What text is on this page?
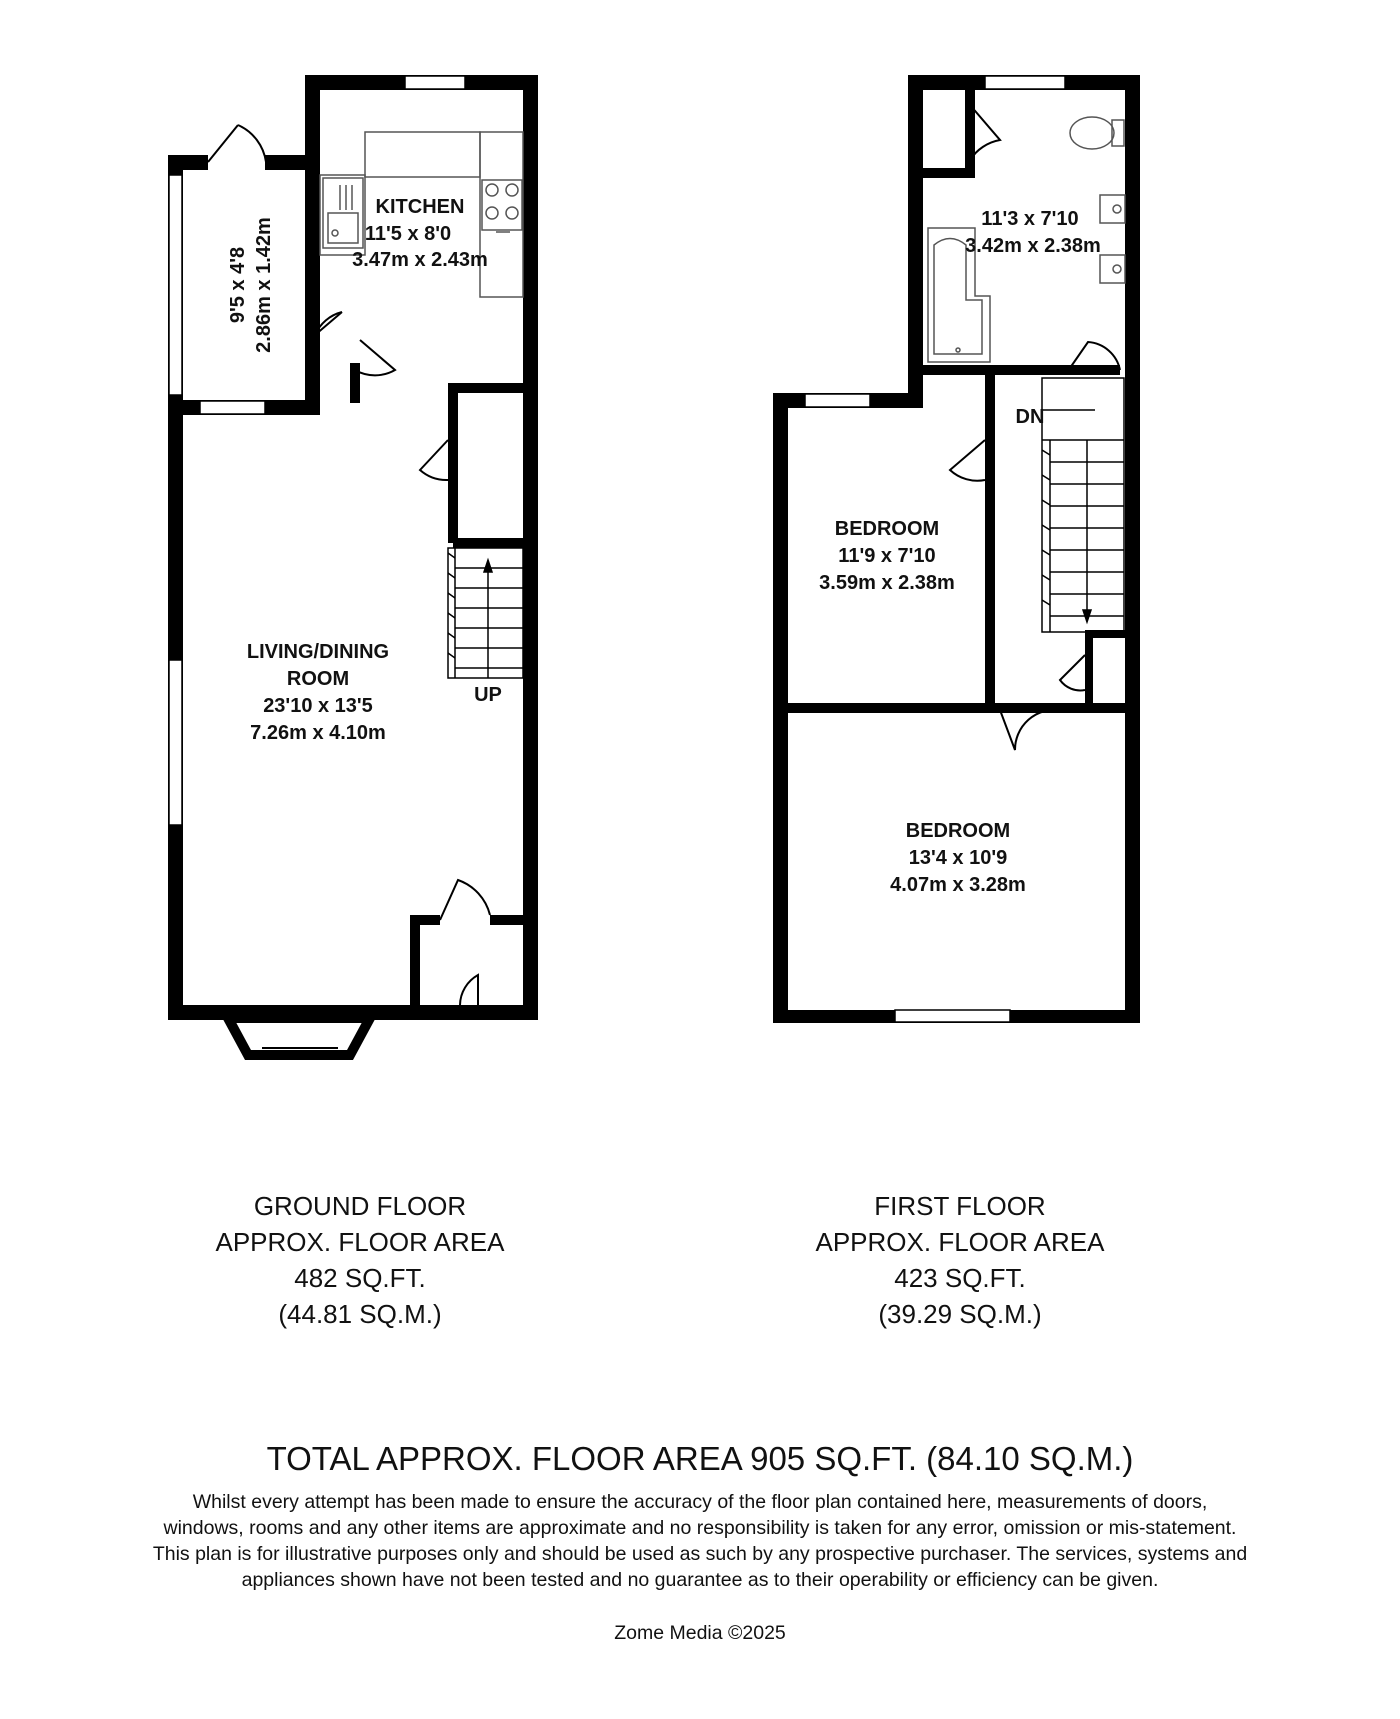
KITCHEN
11'5 x 8'0
3.47m x 2.43m
9'5 x 4'8 2.86m x 1.42m
LIVING/DINING
ROOM
23'10 x 13'5
7.26m x 4.10m
UP
11'3 x 7'10
3.42m x 2.38m
DN
BEDROOM
11'9 x 7'10
3.59m x 2.38m
BEDROOM
13'4 x 10'9
4.07m x 3.28m
GROUND FLOOR
APPROX. FLOOR AREA
482 SQ.FT.
(44.81 SQ.M.)
FIRST FLOOR
APPROX. FLOOR AREA
423 SQ.FT.
(39.29 SQ.M.)
TOTAL APPROX. FLOOR AREA 905 SQ.FT. (84.10 SQ.M.)
Whilst every attempt has been made to ensure the accuracy of the floor plan contained here, measurements of doors, windows, rooms and any other items are approximate and no responsibility is taken for any error, omission or mis-statement. This plan is for illustrative purposes only and should be used as such by any prospective purchaser. The services, systems and appliances shown have not been tested and no guarantee as to their operability or efficiency can be given.
Zome Media ©2025
